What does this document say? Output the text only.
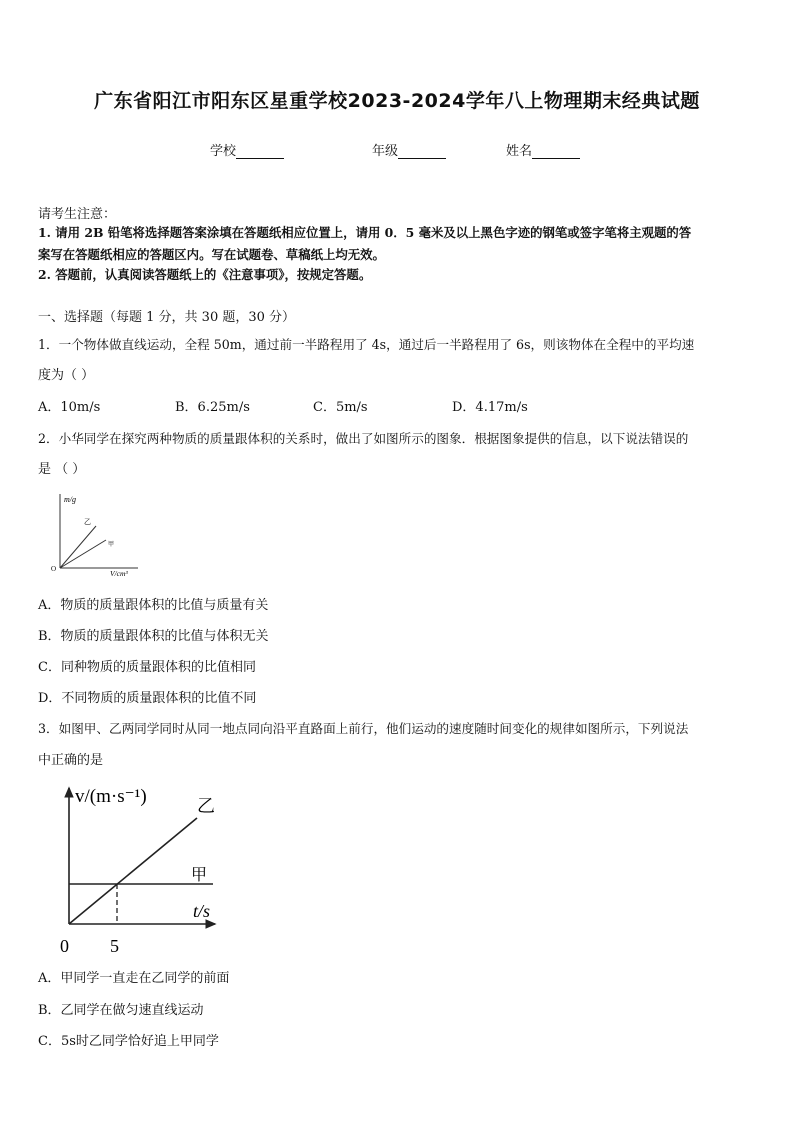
广东省阳江市阳东区星重学校2023-2024学年八上物理期末经典试题
学校	年级	姓名
请考生注意：
1. 请用 2B 铅笔将选择题答案涂填在答题纸相应位置上，请用 0．5 毫米及以上黑色字迹的钢笔或签字笔将主观题的答
案写在答题纸相应的答题区内。写在试题卷、草稿纸上均无效。
2. 答题前，认真阅读答题纸上的《注意事项》，按规定答题。
一、选择题（每题 1 分，共 30 题，30 分）
1．一个物体做直线运动，全程 50m，通过前一半路程用了 4s，通过后一半路程用了 6s，则该物体在全程中的平均速
度为（ ）
A．10m/s	B．6.25m/s	C．5m/s	D．4.17m/s
2．小华同学在探究两种物质的质量跟体积的关系时，做出了如图所示的图象．根据图象提供的信息，以下说法错误的
是 （ ）
m/g
V/cm³
O
乙
甲
A．物质的质量跟体积的比值与质量有关
B．物质的质量跟体积的比值与体积无关
C．同种物质的质量跟体积的比值相同
D．不同物质的质量跟体积的比值不同
3．如图甲、乙两同学同时从同一地点同向沿平直路面上前行，他们运动的速度随时间变化的规律如图所示，下列说法
中正确的是
v/(m·s⁻¹)
t/s
0 5
乙
甲
A．甲同学一直走在乙同学的前面
B．乙同学在做匀速直线运动
C．5s时乙同学恰好追上甲同学
